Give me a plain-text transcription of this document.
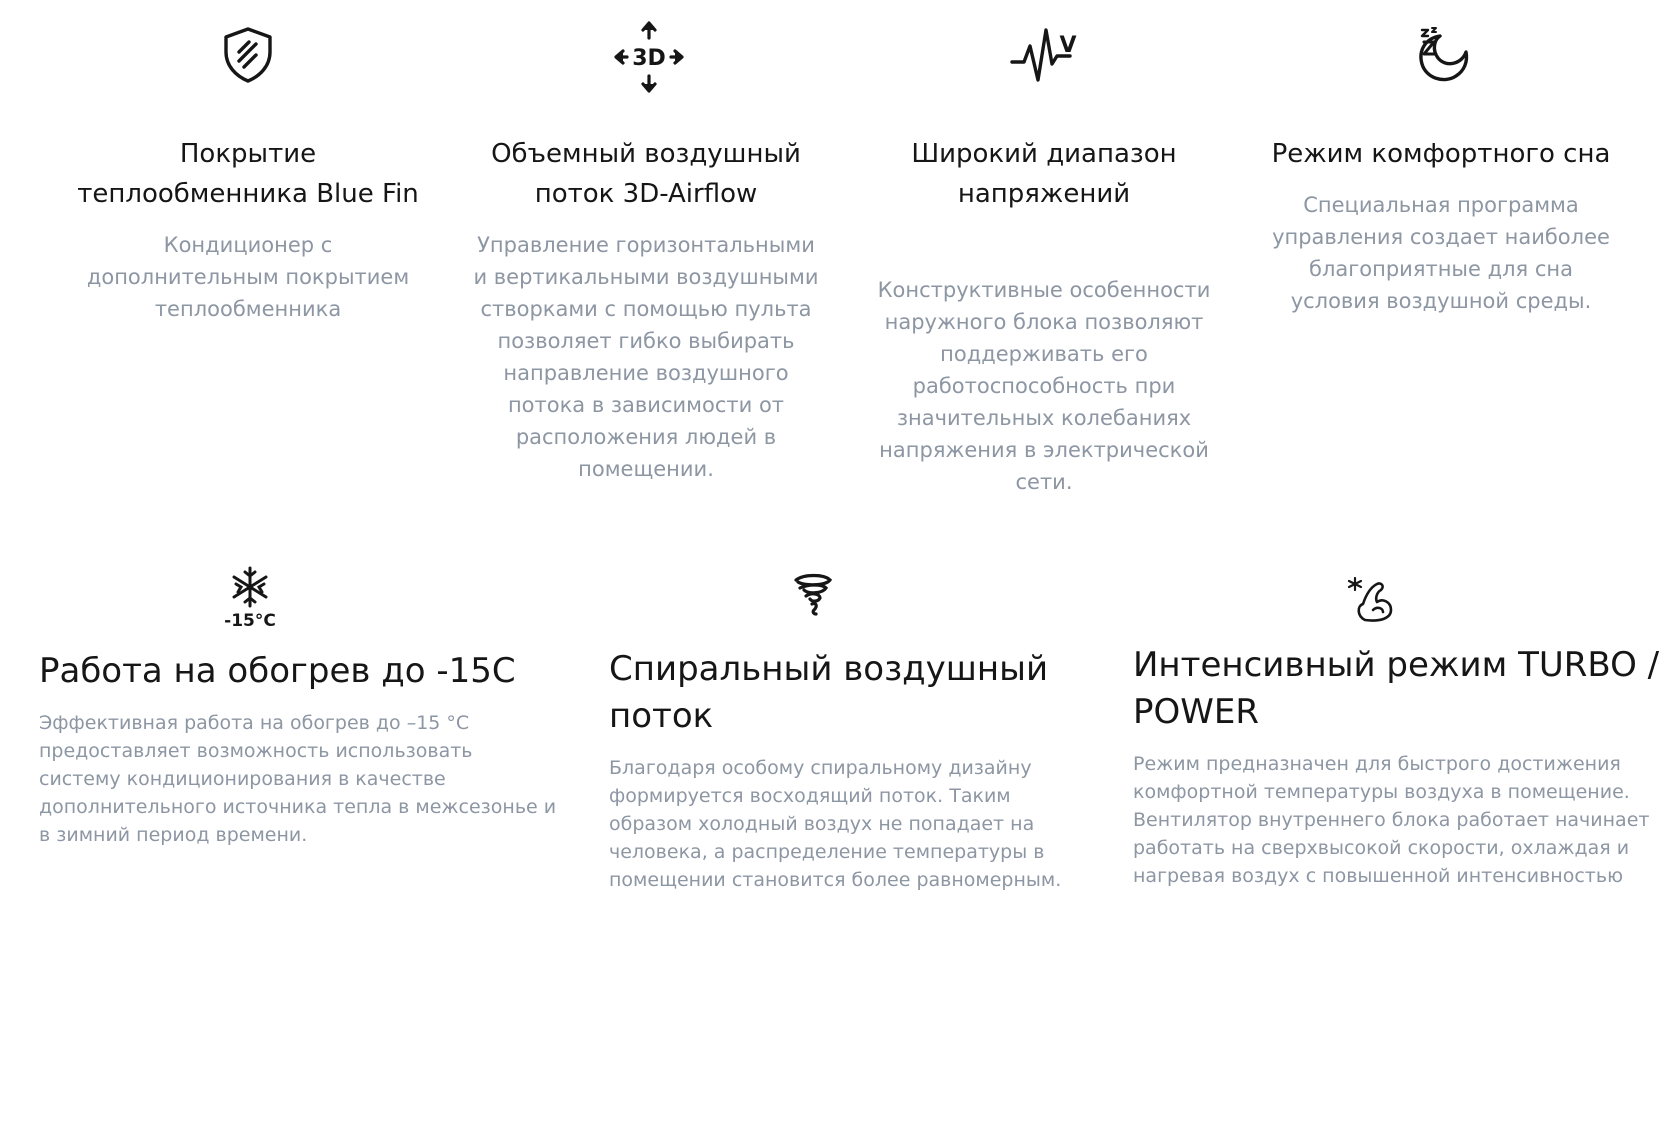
Покрытие теплообменника Blue Fin

Кондиционер с дополнительным покрытием теплообменника

3D

Объемный воздушный поток 3D-Airflow

Управление горизонтальными и вертикальными воздушными створками с помощью пульта позволяет гибко выбирать направление воздушного потока в зависимости от расположения людей в помещении.

V

Широкий диапазон напряжений

Конструктивные особенности наружного блока позволяют поддерживать его работоспособность при значительных колебаниях напряжения в электрической сети.

Режим комфортного сна

Специальная программа управления создает наиболее благоприятные для сна условия воздушной среды.

-15°C

Работа на обогрев до -15С

Эффективная работа на обогрев до –15 °С предоставляет возможность использовать систему кондиционирования в качестве дополнительного источника тепла в межсезонье и в зимний период времени.

Спиральный воздушный поток

Благодаря особому спиральному дизайну формируется восходящий поток. Таким образом холодный воздух не попадает на человека, а распределение температуры в помещении становится более равномерным.

Интенсивный режим TURBO / POWER

Режим предназначен для быстрого достижения комфортной температуры воздуха в помещение. Вентилятор внутреннего блока работает начинает работать на сверхвысокой скорости, охлаждая и нагревая воздух с повышенной интенсивностью
